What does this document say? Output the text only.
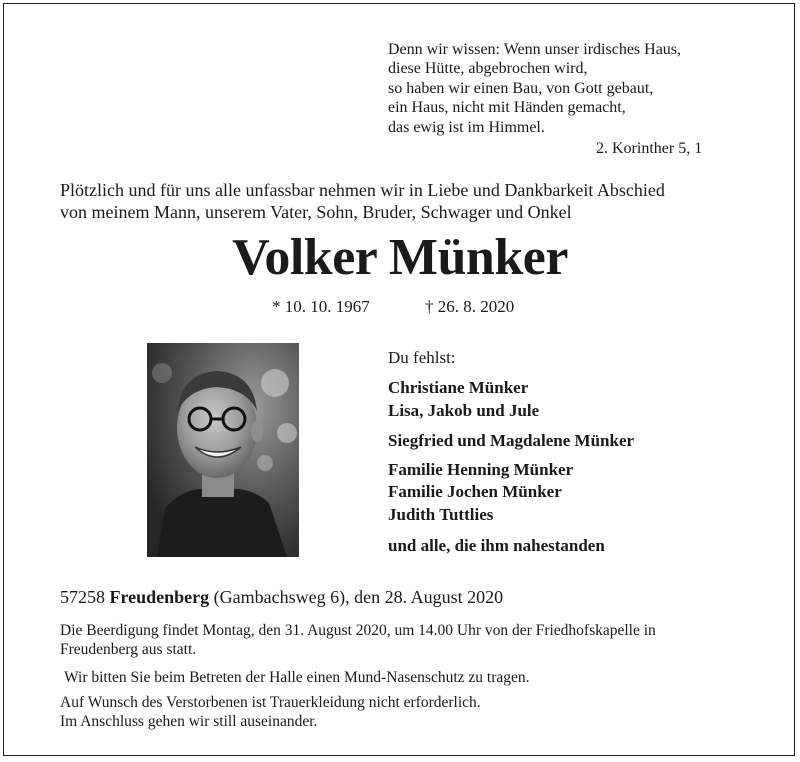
Denn wir wissen: Wenn unser irdisches Haus,
diese Hütte, abgebrochen wird,
so haben wir einen Bau, von Gott gebaut,
ein Haus, nicht mit Händen gemacht,
das ewig ist im Himmel.
2. Korinther 5, 1
Plötzlich und für uns alle unfassbar nehmen wir in Liebe und Dankbarkeit Abschied
von meinem Mann, unserem Vater, Sohn, Bruder, Schwager und Onkel
Volker Münker
* 10. 10. 1967	† 26. 8. 2020
Du fehlst:
Christiane Münker
Lisa, Jakob und Jule
Siegfried und Magdalene Münker
Familie Henning Münker
Familie Jochen Münker
Judith Tuttlies
und alle, die ihm nahestanden
57258 Freudenberg (Gambachsweg 6), den 28. August 2020
Die Beerdigung findet Montag, den 31. August 2020, um 14.00 Uhr von der Friedhofskapelle in
Freudenberg aus statt.
Wir bitten Sie beim Betreten der Halle einen Mund-Nasenschutz zu tragen.
Auf Wunsch des Verstorbenen ist Trauerkleidung nicht erforderlich.
Im Anschluss gehen wir still auseinander.
